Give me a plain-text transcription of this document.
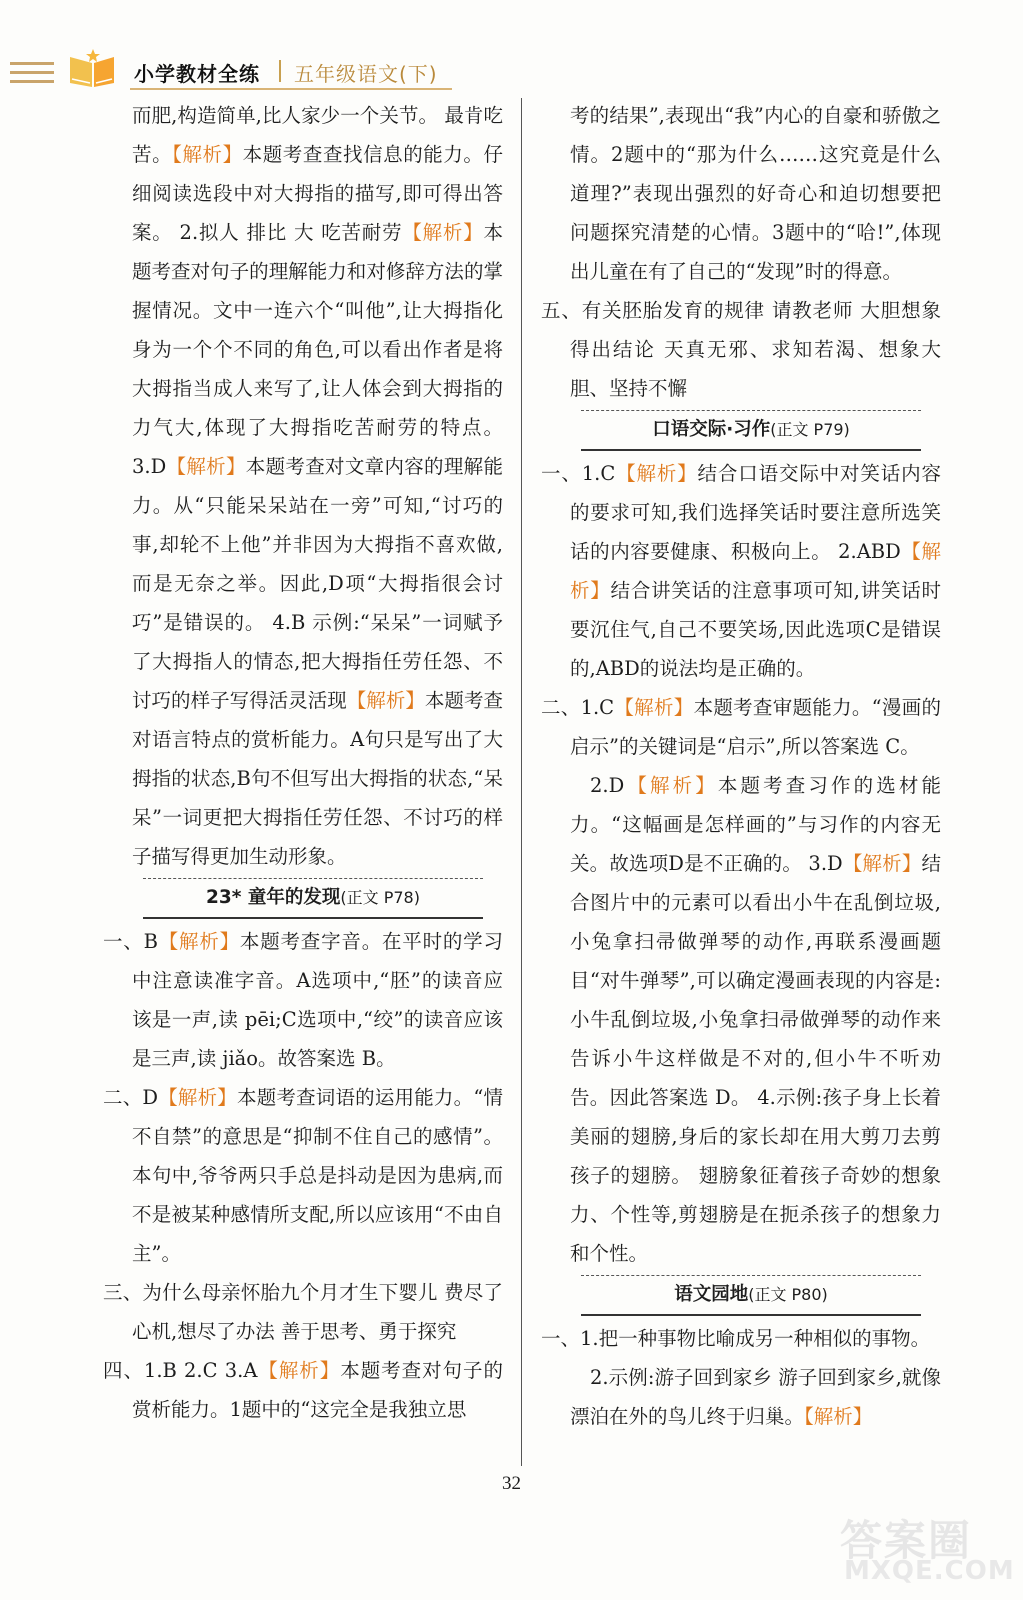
小学教材全练 五年级语文(下)

而肥,构造简单,比人家少一个关节。 最肯吃苦。【解析】本题考查查找信息的能力。仔细阅读选段中对大拇指的描写,即可得出答案。 2.拟人 排比 大 吃苦耐劳【解析】本题考查对句子的理解能力和对修辞方法的掌握情况。文中一连六个“叫他”,让大拇指化身为一个个不同的角色,可以看出作者是将大拇指当成人来写了,让人体会到大拇指的力气大,体现了大拇指吃苦耐劳的特点。 3.D【解析】本题考查对文章内容的理解能力。从“只能呆呆站在一旁”可知,“讨巧的事,却轮不上他”并非因为大拇指不喜欢做,而是无奈之举。因此,D项“大拇指很会讨巧”是错误的。 4.B 示例:“呆呆”一词赋予了大拇指人的情态,把大拇指任劳任怨、不讨巧的样子写得活灵活现【解析】本题考查对语言特点的赏析能力。A句只是写出了大拇指的状态,B句不但写出大拇指的状态,“呆呆”一词更把大拇指任劳任怨、不讨巧的样子描写得更加生动形象。

23* 童年的发现(正文 P78)

一、B【解析】本题考查字音。在平时的学习中注意读准字音。A选项中,“胚”的读音应该是一声,读 pēi;C选项中,“绞”的读音应该是三声,读 jiǎo。故答案选 B。

二、D【解析】本题考查词语的运用能力。“情不自禁”的意思是“抑制不住自己的感情”。本句中,爷爷两只手总是抖动是因为患病,而不是被某种感情所支配,所以应该用“不由自主”。

三、为什么母亲怀胎九个月才生下婴儿 费尽了心机,想尽了办法 善于思考、勇于探究

四、1.B 2.C 3.A【解析】本题考查对句子的赏析能力。1题中的“这完全是我独立思

考的结果”,表现出“我”内心的自豪和骄傲之情。2题中的“那为什么……这究竟是什么道理?”表现出强烈的好奇心和迫切想要把问题探究清楚的心情。3题中的“哈!”,体现出儿童在有了自己的“发现”时的得意。

五、有关胚胎发育的规律 请教老师 大胆想象 得出结论 天真无邪、求知若渴、想象大胆、坚持不懈

口语交际·习作(正文 P79)

一、1.C【解析】结合口语交际中对笑话内容的要求可知,我们选择笑话时要注意所选笑话的内容要健康、积极向上。 2.ABD【解析】结合讲笑话的注意事项可知,讲笑话时要沉住气,自己不要笑场,因此选项C是错误的,ABD的说法均是正确的。

二、1.C【解析】本题考查审题能力。“漫画的启示”的关键词是“启示”,所以答案选 C。

2.D【解析】本题考查习作的选材能力。“这幅画是怎样画的”与习作的内容无关。故选项D是不正确的。 3.D【解析】结合图片中的元素可以看出小牛在乱倒垃圾,小兔拿扫帚做弹琴的动作,再联系漫画题目“对牛弹琴”,可以确定漫画表现的内容是:小牛乱倒垃圾,小兔拿扫帚做弹琴的动作来告诉小牛这样做是不对的,但小牛不听劝告。因此答案选 D。 4.示例:孩子身上长着美丽的翅膀,身后的家长却在用大剪刀去剪孩子的翅膀。 翅膀象征着孩子奇妙的想象力、个性等,剪翅膀是在扼杀孩子的想象力和个性。

语文园地(正文 P80)

一、1.把一种事物比喻成另一种相似的事物。

2.示例:游子回到家乡 游子回到家乡,就像漂泊在外的鸟儿终于归巢。【解析】

32
答案圈
MXQE.COM
